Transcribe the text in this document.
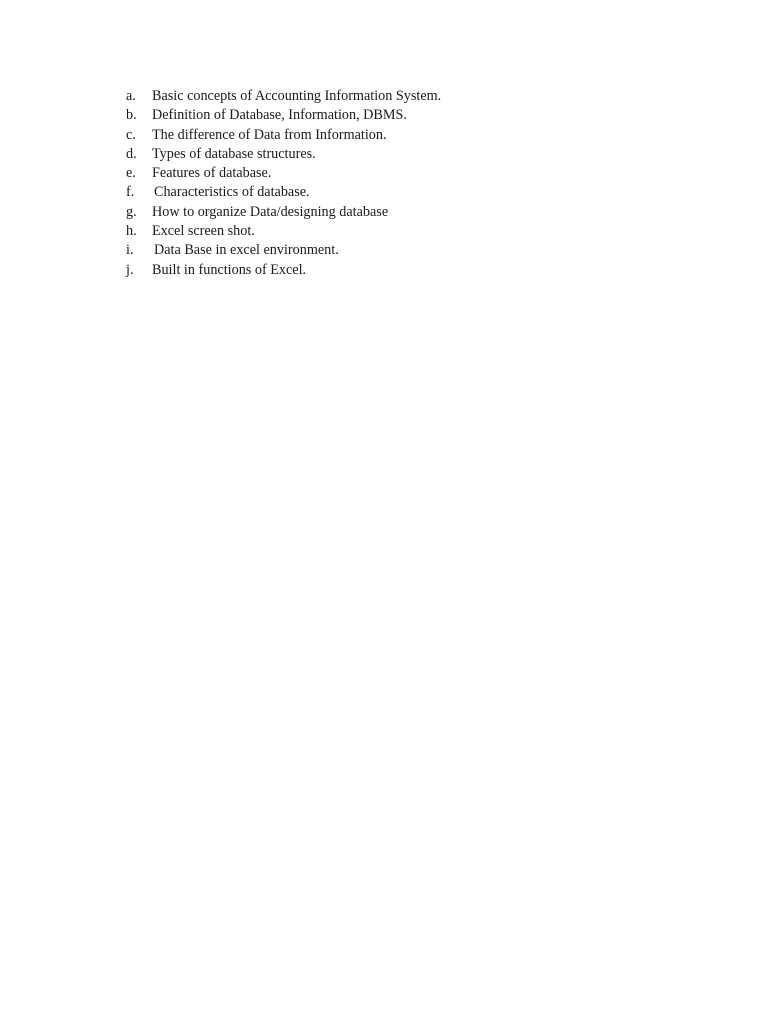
a. Basic concepts of Accounting Information System.
b. Definition of Database, Information, DBMS.
c. The difference of Data from Information.
d. Types of database structures.
e. Features of database.
f. Characteristics of database.
g. How to organize Data/designing database
h. Excel screen shot.
i. Data Base in excel environment.
j. Built in functions of Excel.
